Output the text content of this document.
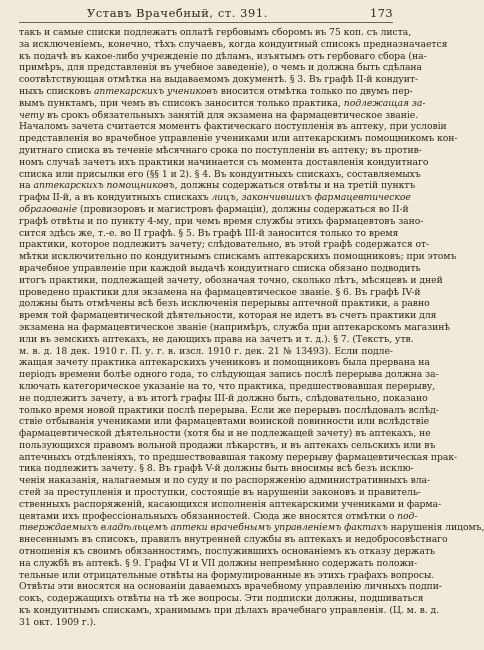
Уставъ Врачебный, ст. 391.	173
такъ и самые списки подлежатъ оплатѣ гербовымъ сборомъ въ 75 коп. съ листа,
за исключеніемъ, конечно, тѣхъ случаевъ, когда кондуитный списокъ предназначается
къ подачѣ въ какое-либо учрежденіе по дѣламъ, изъятымъ отъ гербоваго сбора (на-
примѣръ, для представленія въ учебное заведеніе), о чемъ и должна быть сдѣлана
соотвѣтствующая отмѣтка на выдаваемомъ документѣ. § 3. Въ графѣ II-й кондуит-
ныхъ списковъ аптекарскихъ учениковъ вносится отмѣтка только по двумъ пер-
вымъ пунктамъ, при чемъ въ списокъ заносится только практика, подлежащая за-
чету въ срокъ обязательныхъ занятій для экзамена на фармацевтическое званіе.
Началомъ зачета считается моментъ фактическаго поступленія въ аптеку, при условіи
представленія во врачебное управленіе учениками или аптекарскимъ помощникомъ кон-
дуитнаго списка въ теченіе мѣсячнаго срока по поступленіи въ аптеку; въ против-
номъ случаѣ зачетъ ихъ практики начинается съ момента доставленія кондуитнаго
списка или присылки его (§§ 1 и 2). § 4. Въ кондуитныхъ спискахъ, составляемыхъ
на аптекарскихъ помощниковъ, должны содержаться отвѣты и на третій пунктъ
графы II-й, а въ кондуитныхъ спискахъ лицъ, закончившихъ фармацевтическое
образованіе (провизоровъ и магистровъ фармаціи), должны содержаться во II-й
графѣ отвѣты и по пункту 4-му, при чемъ время службы этихъ фармацевтовъ зано-
сится здѣсь же, т.-е. во II графѣ. § 5. Въ графѣ III-й заносится только то время
практики, которое подлежитъ зачету; слѣдовательно, въ этой графѣ содержатся от-
мѣтки исключительно по кондуитнымъ спискамъ аптекарскихъ помощниковъ; при этомъ
врачебное управленіе при каждой выдачѣ кондуитнаго списка обязано подводить
итогъ практики, подлежащей зачету, обозначая точно, сколько лѣтъ, мѣсяцевъ и дней
проведено практики для экзамена на фармацевтическое званіе. § 6. Въ графѣ IV-й
должны быть отмѣчены всѣ безъ исключенія перерывы аптечной практики, а равно
время той фармацевтической дѣятельности, которая не идетъ въ счетъ практики для
экзамена на фармацевтическое званіе (напримѣръ, служба при аптекарскомъ магазинѣ
или въ земскихъ аптекахъ, не дающихъ права на зачетъ и т. д.). § 7. (Текстъ, утв.
м. в. д. 18 дек. 1910 г. П. у. г. в. изсл. 1910 г. дек. 21 № 13493). Если подле-
жащая зачету практика аптекарскихъ учениковъ и помощниковъ была прервана на
періодъ времени болѣе одного года, то слѣдующая запись послѣ перерыва должна за-
ключать категорическое указаніе на то, что практика, предшествовавшая перерыву,
не подлежитъ зачету, а въ итогѣ графы III-й должно быть, слѣдовательно, показано
только время новой практики послѣ перерыва. Если же перерывъ послѣдовалъ вслѣд-
ствіе отбыванія учениками или фармацевтами воинской повинности или вслѣдствіе
фармацевтической дѣятельности (хотя бы и не подлежащей зачету) въ аптекахъ, не
пользующихся правомъ вольной продажи лѣкарствъ, и въ аптекахъ сельскихъ или въ
аптечныхъ отдѣленіяхъ, то предшествовавшая такому перерыву фармацевтическая прак-
тика подлежитъ зачету. § 8. Въ графѣ V-й должны быть вносимы всѣ безъ исклю-
ченія наказанія, налагаемыя и по суду и по распоряженію административныхъ вла-
стей за преступленія и проступки, состоящіе въ нарушеніи законовъ и правитель-
ственныхъ распоряженій, касающихся исполненія аптекарскими учениками и фарма-
цевтами ихъ профессіональныхъ обязанностей. Сюда же вносятся отмѣтки о под-
тверждаемыхъ владѣльцемъ аптеки врачебнымъ управленіемъ фактахъ нарушенія лицомъ,
внесеннымъ въ списокъ, правилъ внутренней службы въ аптекахъ и недобросовѣстнаго
отношенія къ своимъ обязанностямъ, послужившихъ основаніемъ къ отказу держать
на службѣ въ аптекѣ. § 9. Графы VI и VII должны непремѣнно содержать положи-
тельные или отрицательные отвѣты на формулированные въ этихъ графахъ вопросы.
Отвѣты эти вносятся на основаніи даваемыхъ врачебному управленію личныхъ подпи-
сокъ, содержащихъ отвѣты на тѣ же вопросы. Эти подписки должны, подшиваться
къ кондуитнымъ спискамъ, хранимымъ при дѣлахъ врачебнаго управленія. (Ц. м. в. д.
31 окт. 1909 г.).
